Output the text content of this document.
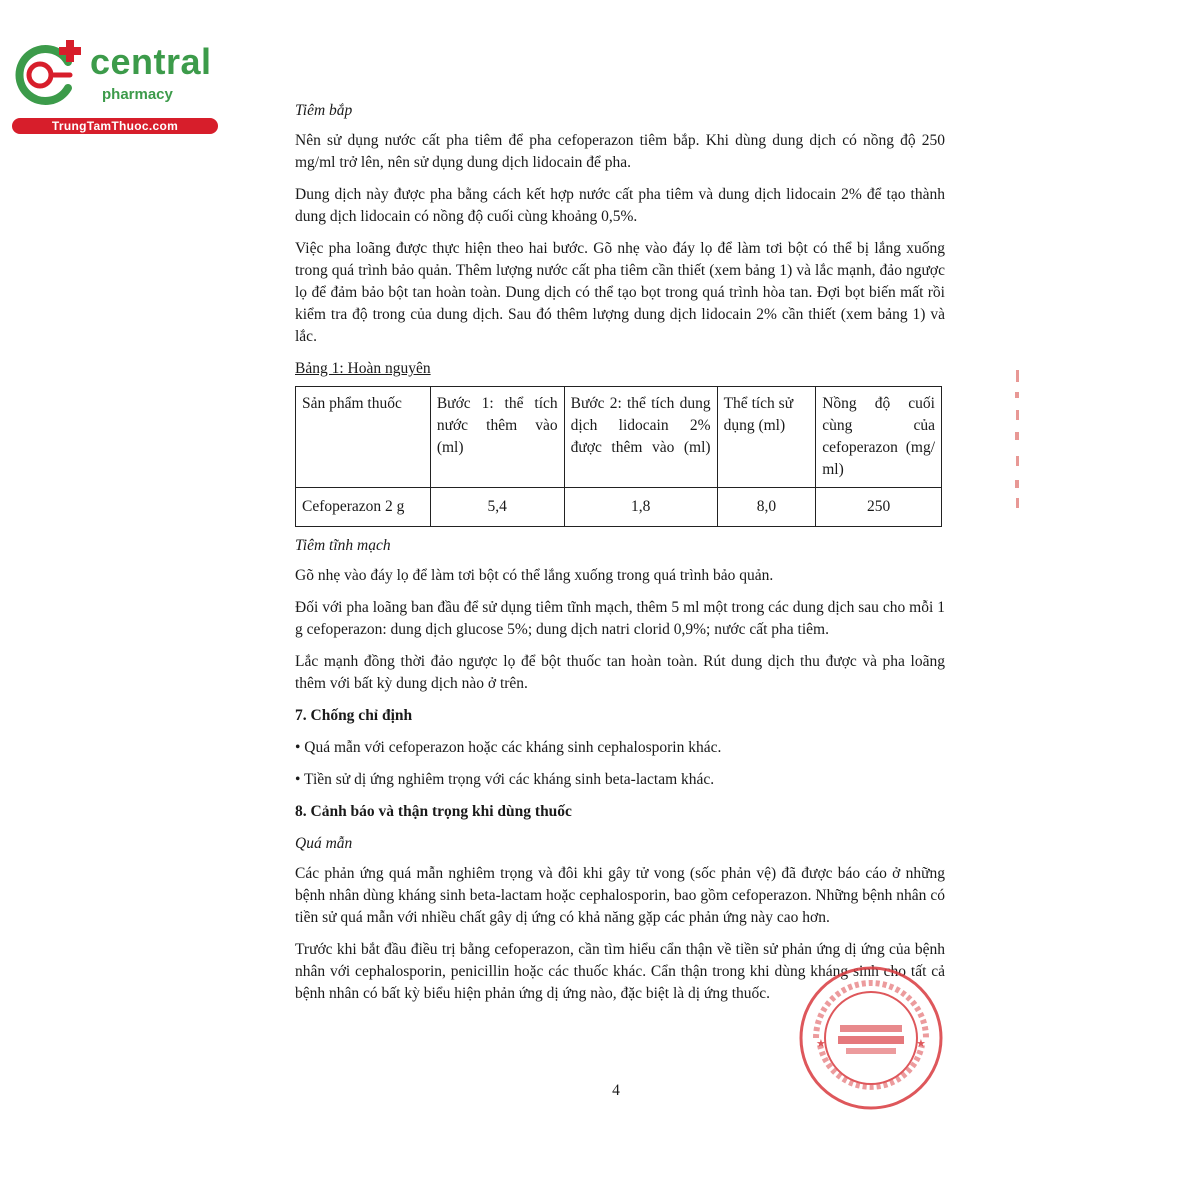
central
pharmacy
TrungTamThuoc.com

Tiêm bắp

Nên sử dụng nước cất pha tiêm để pha cefoperazon tiêm bắp. Khi dùng dung dịch có nồng độ 250 mg/ml trở lên, nên sử dụng dung dịch lidocain để pha.

Dung dịch này được pha bằng cách kết hợp nước cất pha tiêm và dung dịch lidocain 2% để tạo thành dung dịch lidocain có nồng độ cuối cùng khoảng 0,5%.

Việc pha loãng được thực hiện theo hai bước. Gõ nhẹ vào đáy lọ để làm tơi bột có thể bị lắng xuống trong quá trình bảo quản. Thêm lượng nước cất pha tiêm cần thiết (xem bảng 1) và lắc mạnh, đảo ngược lọ để đảm bảo bột tan hoàn toàn. Dung dịch có thể tạo bọt trong quá trình hòa tan. Đợi bọt biến mất rồi kiểm tra độ trong của dung dịch. Sau đó thêm lượng dung dịch lidocain 2% cần thiết (xem bảng 1) và lắc.

Bảng 1: Hoàn nguyên

Sản phẩm thuốc	Bước 1: thể tích nước thêm vào (ml)	Bước 2: thể tích dung dịch lidocain 2% được thêm vào (ml)	Thể tích sử dụng (ml)	Nồng độ cuối cùng của cefoperazon (mg/ ml)
Cefoperazon 2 g	5,4	1,8	8,0	250

Tiêm tĩnh mạch

Gõ nhẹ vào đáy lọ để làm tơi bột có thể lắng xuống trong quá trình bảo quản.

Đối với pha loãng ban đầu để sử dụng tiêm tĩnh mạch, thêm 5 ml một trong các dung dịch sau cho mỗi 1 g cefoperazon: dung dịch glucose 5%; dung dịch natri clorid 0,9%; nước cất pha tiêm.

Lắc mạnh đồng thời đảo ngược lọ để bột thuốc tan hoàn toàn. Rút dung dịch thu được và pha loãng thêm với bất kỳ dung dịch nào ở trên.

7. Chống chỉ định

• Quá mẫn với cefoperazon hoặc các kháng sinh cephalosporin khác.

• Tiền sử dị ứng nghiêm trọng với các kháng sinh beta-lactam khác.

8. Cảnh báo và thận trọng khi dùng thuốc

Quá mẫn

Các phản ứng quá mẫn nghiêm trọng và đôi khi gây tử vong (sốc phản vệ) đã được báo cáo ở những bệnh nhân dùng kháng sinh beta-lactam hoặc cephalosporin, bao gồm cefoperazon. Những bệnh nhân có tiền sử quá mẫn với nhiều chất gây dị ứng có khả năng gặp các phản ứng này cao hơn.

Trước khi bắt đầu điều trị bằng cefoperazon, cần tìm hiểu cẩn thận về tiền sử phản ứng dị ứng của bệnh nhân với cephalosporin, penicillin hoặc các thuốc khác. Cẩn thận trong khi dùng kháng sinh cho tất cả bệnh nhân có bất kỳ biểu hiện phản ứng dị ứng nào, đặc biệt là dị ứng thuốc.

4
★	★
